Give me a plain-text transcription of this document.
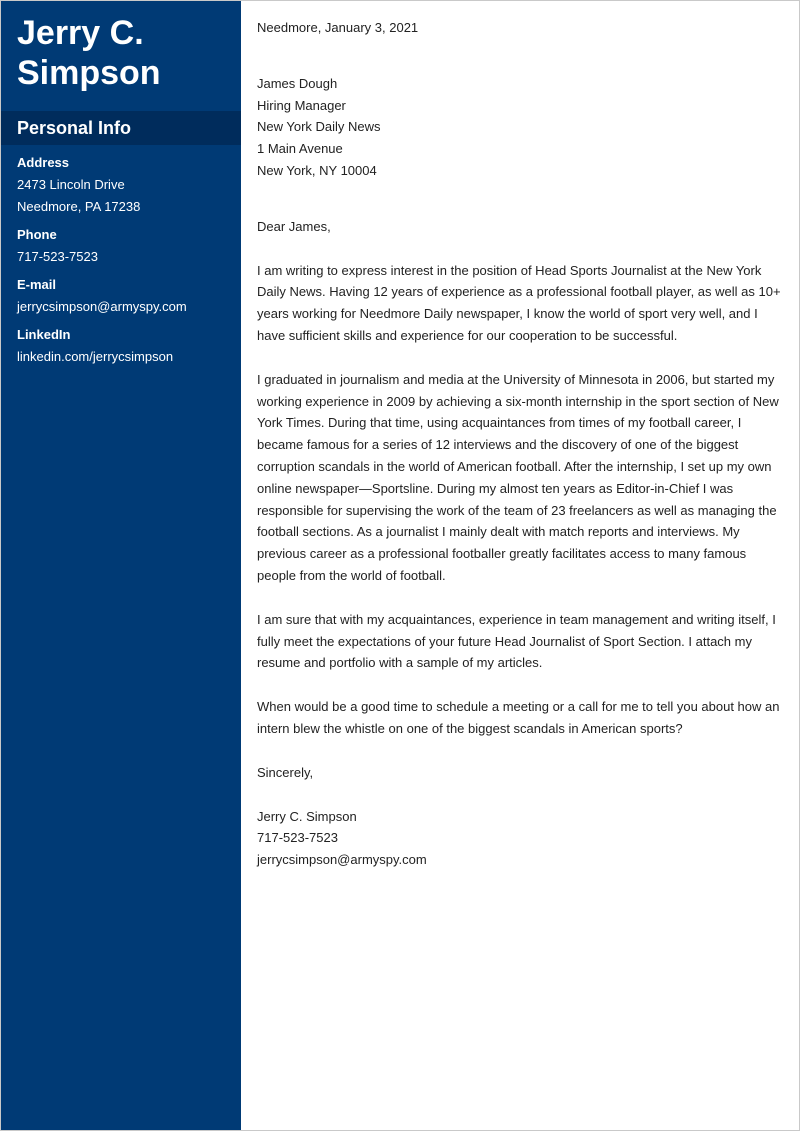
Jerry C.
Simpson
Personal Info
Address
2473 Lincoln Drive
Needmore, PA 17238
Phone
717-523-7523
E-mail
jerrycsimpson@armyspy.com
LinkedIn
linkedin.com/jerrycsimpson

Needmore, January 3, 2021

James Dough
Hiring Manager
New York Daily News
1 Main Avenue
New York, NY 10004

Dear James,

I am writing to express interest in the position of Head Sports Journalist at the New York Daily News. Having 12 years of experience as a professional football player, as well as 10+ years working for Needmore Daily newspaper, I know the world of sport very well, and I have sufficient skills and experience for our cooperation to be successful.

I graduated in journalism and media at the University of Minnesota in 2006, but started my working experience in 2009 by achieving a six-month internship in the sport section of New York Times. During that time, using acquaintances from times of my football career, I became famous for a series of 12 interviews and the discovery of one of the biggest corruption scandals in the world of American football. After the internship, I set up my own online newspaper—Sportsline. During my almost ten years as Editor-in-Chief I was responsible for supervising the work of the team of 23 freelancers as well as managing the football sections. As a journalist I mainly dealt with match reports and interviews. My previous career as a professional footballer greatly facilitates access to many famous people from the world of football.

I am sure that with my acquaintances, experience in team management and writing itself, I fully meet the expectations of your future Head Journalist of Sport Section. I attach my resume and portfolio with a sample of my articles.

When would be a good time to schedule a meeting or a call for me to tell you about how an intern blew the whistle on one of the biggest scandals in American sports?

Sincerely,

Jerry C. Simpson
717-523-7523
jerrycsimpson@armyspy.com
